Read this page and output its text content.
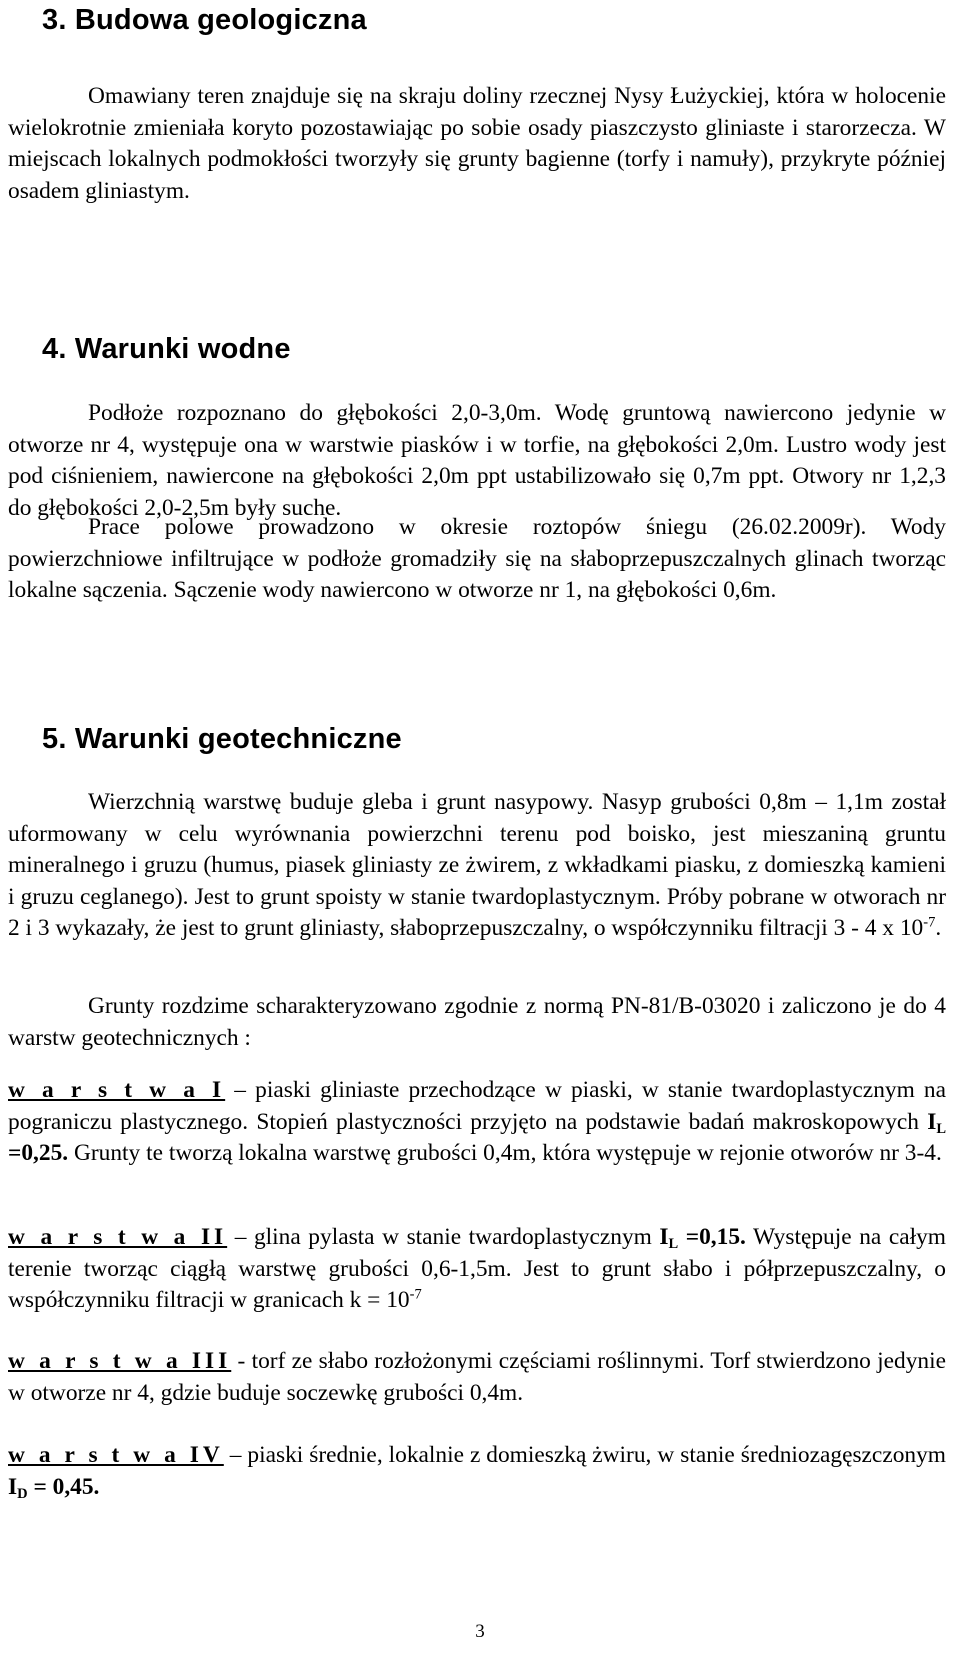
3. Budowa geologiczna

Omawiany teren znajduje się na skraju doliny rzecznej Nysy Łużyckiej, która w holocenie wielokrotnie zmieniała koryto pozostawiając po sobie osady piaszczysto gliniaste i starorzecza. W miejscach lokalnych podmokłości tworzyły się grunty bagienne (torfy i namuły), przykryte później osadem gliniastym.

4. Warunki wodne

Podłoże rozpoznano do głębokości 2,0-3,0m. Wodę gruntową nawiercono jedynie w otworze nr 4, występuje ona w warstwie piasków i w torfie, na głębokości 2,0m. Lustro wody jest pod ciśnieniem, nawiercone na głębokości 2,0m ppt ustabilizowało się 0,7m ppt. Otwory nr 1,2,3 do głębokości 2,0-2,5m były suche.

Prace polowe prowadzono w okresie roztopów śniegu (26.02.2009r). Wody powierzchniowe infiltrujące w podłoże gromadziły się na słaboprzepuszczalnych glinach tworząc lokalne sączenia. Sączenie wody nawiercono w otworze nr 1, na głębokości 0,6m.

5. Warunki geotechniczne

Wierzchnią warstwę buduje gleba i grunt nasypowy. Nasyp grubości 0,8m – 1,1m został uformowany w celu wyrównania powierzchni terenu pod boisko, jest mieszaniną gruntu mineralnego i gruzu (humus, piasek gliniasty ze żwirem, z wkładkami piasku, z domieszką kamieni i gruzu ceglanego). Jest to grunt spoisty w stanie twardoplastycznym. Próby pobrane w otworach nr 2 i 3 wykazały, że jest to grunt gliniasty, słaboprzepuszczalny, o współczynniku filtracji 3 - 4 x $10^{-7}$.

Grunty rozdzime scharakteryzowano zgodnie z normą PN-81/B-03020 i zaliczono je do 4 warstw geotechnicznych :

w a r s t w a I – piaski gliniaste przechodzące w piaski, w stanie twardoplastycznym na pograniczu plastycznego. Stopień plastyczności przyjęto na podstawie badań makroskopowych $I_L =0,25$. Grunty te tworzą lokalna warstwę grubości 0,4m, która występuje w rejonie otworów nr 3-4.

w a r s t w a II – glina pylasta w stanie twardoplastycznym $I_L =0,15$. Występuje na całym terenie tworząc ciągłą warstwę grubości 0,6-1,5m. Jest to grunt słabo i półprzepuszczalny, o współczynniku filtracji w granicach $k = 10^{-7}$

w a r s t w a III - torf ze słabo rozłożonymi częściami roślinnymi. Torf stwierdzono jedynie w otworze nr 4, gdzie buduje soczewkę grubości 0,4m.

w a r s t w a IV – piaski średnie, lokalnie z domieszką żwiru, w stanie średniozagęszczonym $I_D = 0,45$.

3
